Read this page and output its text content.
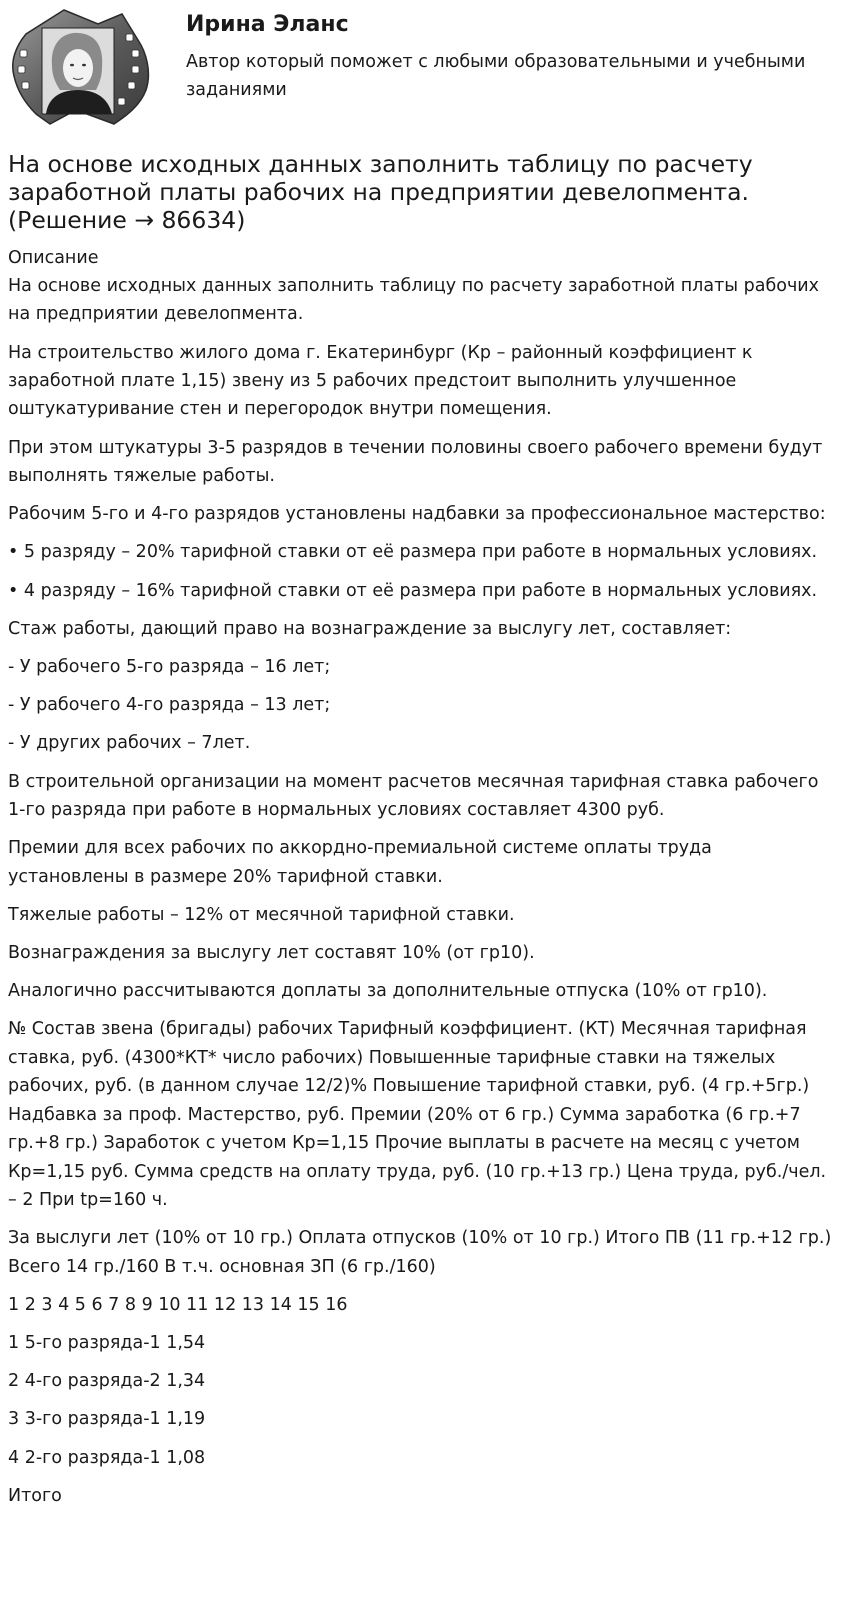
Ирина Эланс

Автор который поможет с любыми образовательными и учебными заданиями

На основе исходных данных заполнить таблицу по расчету заработной платы рабочих на предприятии девелопмента. (Решение → 86634)
Описание

На основе исходных данных заполнить таблицу по расчету заработной платы рабочих на предприятии девелопмента.

На строительство жилого дома г. Екатеринбург (Кр – районный коэффициент к заработной плате 1,15) звену из 5 рабочих предстоит выполнить улучшенное оштукатуривание стен и перегородок внутри помещения.

При этом штукатуры 3-5 разрядов в течении половины своего рабочего времени будут выполнять тяжелые работы.

Рабочим 5-го и 4-го разрядов установлены надбавки за профессиональное мастерство:

• 5 разряду – 20% тарифной ставки от её размера при работе в нормальных условиях.

• 4 разряду – 16% тарифной ставки от её размера при работе в нормальных условиях.

Стаж работы, дающий право на вознаграждение за выслугу лет, составляет:

- У рабочего 5-го разряда – 16 лет;

- У рабочего 4-го разряда – 13 лет;

- У других рабочих – 7лет.

В строительной организации на момент расчетов месячная тарифная ставка рабочего 1-го разряда при работе в нормальных условиях составляет 4300 руб.

Премии для всех рабочих по аккордно-премиальной системе оплаты труда установлены в размере 20% тарифной ставки.

Тяжелые работы – 12% от месячной тарифной ставки.

Вознаграждения за выслугу лет составят 10% (от гр10).

Аналогично рассчитываются доплаты за дополнительные отпуска (10% от гр10).

№ Состав звена (бригады) рабочих Тарифный коэффициент. (КТ) Месячная тарифная ставка, руб. (4300*КТ* число рабочих) Повышенные тарифные ставки на тяжелых рабочих, руб. (в данном случае 12/2)% Повышение тарифной ставки, руб. (4 гр.+5гр.) Надбавка за проф. Мастерство, руб. Премии (20% от 6 гр.) Сумма заработка (6 гр.+7 гр.+8 гр.) Заработок с учетом Кр=1,15 Прочие выплаты в расчете на месяц с учетом Кр=1,15 руб. Сумма средств на оплату труда, руб. (10 гр.+13 гр.) Цена труда, руб./чел. – 2 При tр=160 ч.

За выслуги лет (10% от 10 гр.) Оплата отпусков (10% от 10 гр.) Итого ПВ (11 гр.+12 гр.) Всего 14 гр./160 В т.ч. основная ЗП (6 гр./160)

1 2 3 4 5 6 7 8 9 10 11 12 13 14 15 16

1 5-го разряда-1 1,54

2 4-го разряда-2 1,34

3 3-го разряда-1 1,19

4 2-го разряда-1 1,08

Итого
